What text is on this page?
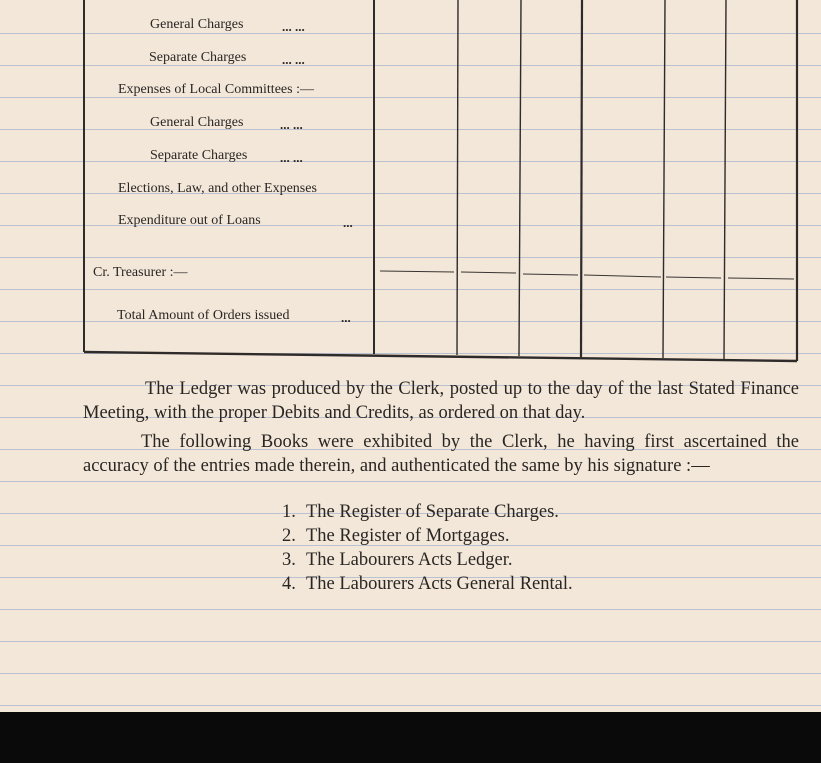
General Charges	... ...
Separate Charges	... ...
Expenses of Local Committees :—
General Charges	... ...
Separate Charges	... ...
Elections, Law, and other Expenses
Expenditure out of Loans	...
Cr. Treasurer :—
Total Amount of Orders issued	...

The Ledger was produced by the Clerk, posted up to the day of the last Stated Finance Meeting, with the proper Debits and Credits, as ordered on that day.

The following Books were exhibited by the Clerk, he having first ascertained the accuracy of the entries made therein, and authenticated the same by his signature :—

1. The Register of Separate Charges.
2. The Register of Mortgages.
3. The Labourers Acts Ledger.
4. The Labourers Acts General Rental.
